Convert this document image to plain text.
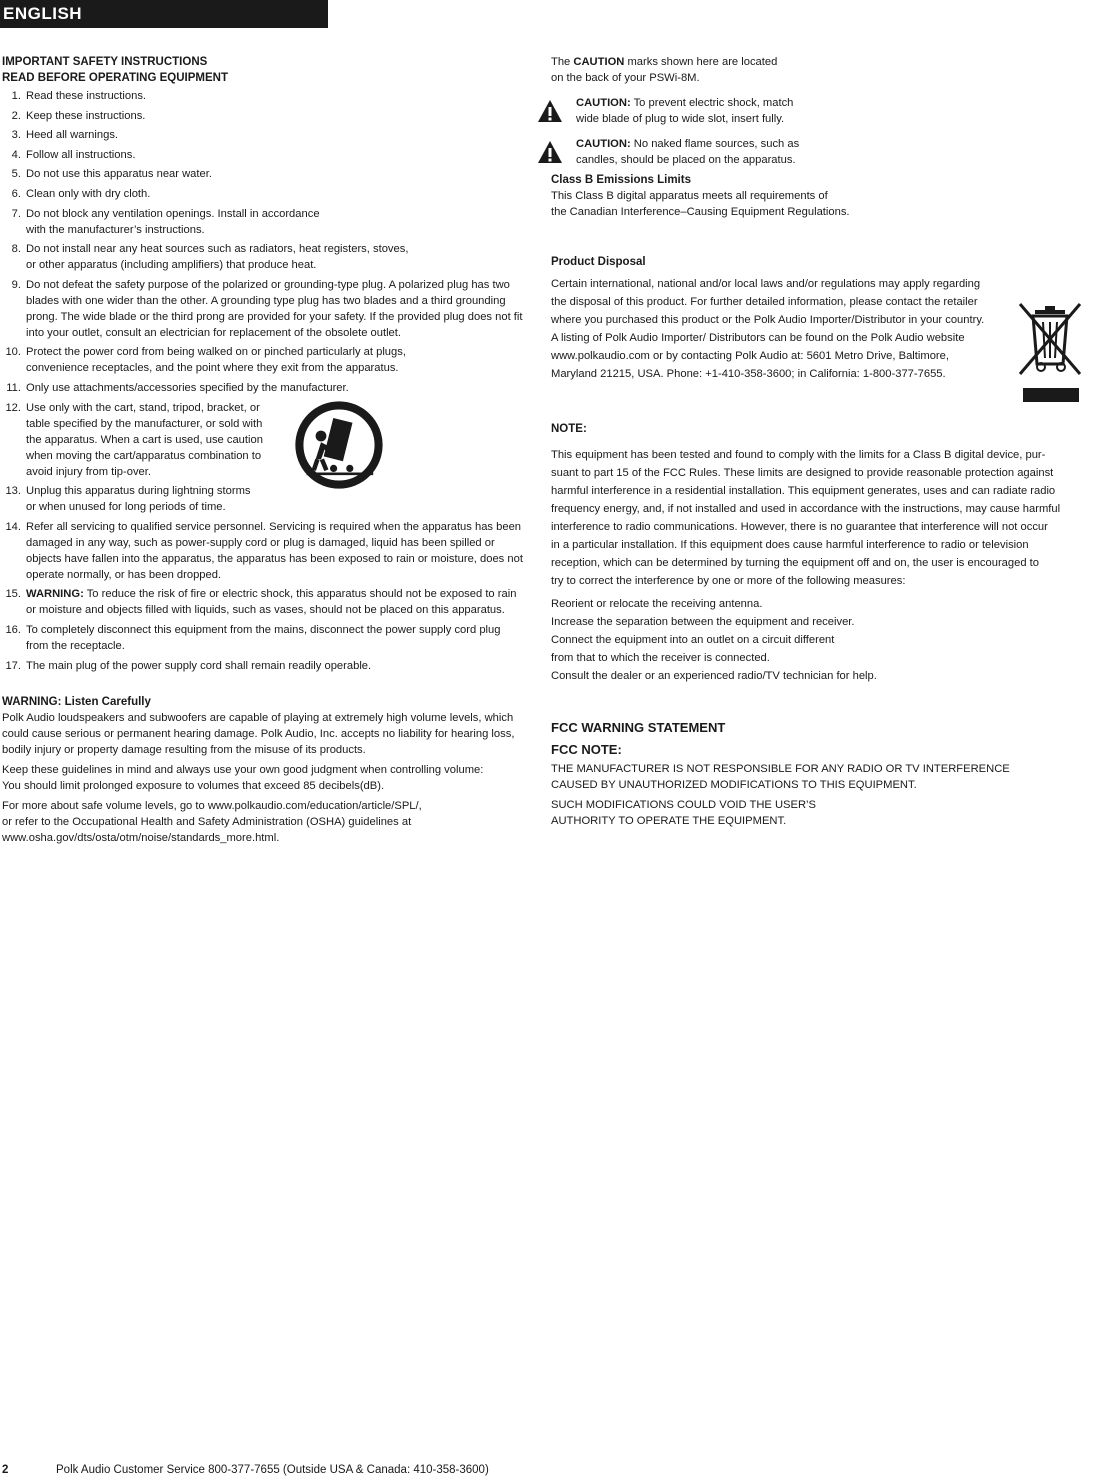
ENGLISH

IMPORTANT SAFETY INSTRUCTIONS

READ BEFORE OPERATING EQUIPMENT

1. Read these instructions.
2. Keep these instructions.
3. Heed all warnings.
4. Follow all instructions.
5. Do not use this apparatus near water.
6. Clean only with dry cloth.
7. Do not block any ventilation openings. Install in accordance
with the manufacturer’s instructions.
8. Do not install near any heat sources such as radiators, heat registers, stoves,
or other apparatus (including amplifiers) that produce heat.
9. Do not defeat the safety purpose of the polarized or grounding-type plug. A polarized plug has two blades with one wider than the other. A grounding type plug has two blades and a third grounding prong. The wide blade or the third prong are provided for your safety. If the provided plug does not fit into your outlet, consult an electrician for replacement of the obsolete outlet.
10. Protect the power cord from being walked on or pinched particularly at plugs,
convenience receptacles, and the point where they exit from the apparatus.
11. Only use attachments/accessories specified by the manufacturer.
12. Use only with the cart, stand, tripod, bracket, or table specified by the manufacturer, or sold with the apparatus. When a cart is used, use caution when moving the cart/apparatus combination to avoid injury from tip-over.
13. Unplug this apparatus during lightning storms
or when unused for long periods of time.
14. Refer all servicing to qualified service personnel. Servicing is required when the apparatus has been damaged in any way, such as power-supply cord or plug is damaged, liquid has been spilled or objects have fallen into the apparatus, the apparatus has been exposed to rain or moisture, does not operate normally, or has been dropped.
15. WARNING: To reduce the risk of fire or electric shock, this apparatus should not be exposed to rain or moisture and objects filled with liquids, such as vases, should not be placed on this apparatus.
16. To completely disconnect this equipment from the mains, disconnect the power supply cord plug
from the receptacle.
17. The main plug of the power supply cord shall remain readily operable.

WARNING: Listen Carefully

Polk Audio loudspeakers and subwoofers are capable of playing at extremely high volume levels, which could cause serious or permanent hearing damage. Polk Audio, Inc. accepts no liability for hearing loss, bodily injury or property damage resulting from the misuse of its products.

Keep these guidelines in mind and always use your own good judgment when controlling volume:
You should limit prolonged exposure to volumes that exceed 85 decibels(dB).

For more about safe volume levels, go to www.polkaudio.com/education/article/SPL/,
or refer to the Occupational Health and Safety Administration (OSHA) guidelines at
www.osha.gov/dts/osta/otm/noise/standards_more.html.

The CAUTION marks shown here are located
on the back of your PSWi-8M.

CAUTION: To prevent electric shock, match
wide blade of plug to wide slot, insert fully.

CAUTION: No naked flame sources, such as
candles, should be placed on the apparatus.

Class B Emissions Limits

This Class B digital apparatus meets all requirements of
the Canadian Interference–Causing Equipment Regulations.

Product Disposal

Certain international, national and/or local laws and/or regulations may apply regarding
the disposal of this product. For further detailed information, please contact the retailer
where you purchased this product or the Polk Audio Importer/Distributor in your country.
A listing of Polk Audio Importer/ Distributors can be found on the Polk Audio website
www.polkaudio.com or by contacting Polk Audio at: 5601 Metro Drive, Baltimore,
Maryland 21215, USA. Phone: +1-410-358-3600; in California: 1-800-377-7655.

NOTE:

This equipment has been tested and found to comply with the limits for a Class B digital device, pur-
suant to part 15 of the FCC Rules. These limits are designed to provide reasonable protection against
harmful interference in a residential installation. This equipment generates, uses and can radiate radio
frequency energy, and, if not installed and used in accordance with the instructions, may cause harmful
interference to radio communications. However, there is no guarantee that interference will not occur
in a particular installation. If this equipment does cause harmful interference to radio or television
reception, which can be determined by turning the equipment off and on, the user is encouraged to
try to correct the interference by one or more of the following measures:

Reorient or relocate the receiving antenna.
Increase the separation between the equipment and receiver.
Connect the equipment into an outlet on a circuit different
from that to which the receiver is connected.
Consult the dealer or an experienced radio/TV technician for help.

FCC WARNING STATEMENT

FCC NOTE:

THE MANUFACTURER IS NOT RESPONSIBLE FOR ANY RADIO OR TV INTERFERENCE
CAUSED BY UNAUTHORIZED MODIFICATIONS TO THIS EQUIPMENT.

SUCH MODIFICATIONS COULD VOID THE USER’S
AUTHORITY TO OPERATE THE EQUIPMENT.

2	Polk Audio Customer Service 800-377-7655 (Outside USA & Canada: 410-358-3600)
